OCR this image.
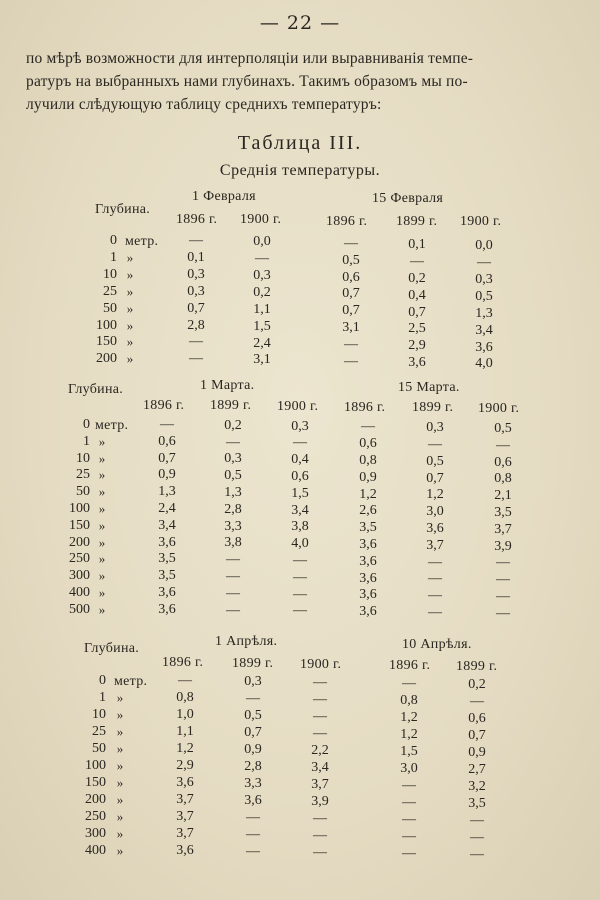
— 22 —
по мѣрѣ возможности для интерполяціи или выравниванія темпе-
ратуръ на выбранныхъ нами глубинахъ. Такимъ образомъ мы по-
лучили слѣдующую таблицу среднихъ температуръ:
Таблица III.
Среднія температуры.
Глубина.
1 Февраля	15 Февраля
1896 г. 1900 г.	1896 г. 1899 г. 1900 г.
метр.
0	—	0,0	—	0,1	0,0
1 »	0,1	—	0,5	—	—
10 »	0,3	0,3	0,6	0,2	0,3
25 »	0,3	0,2	0,7	0,4	0,5
50 »	0,7	1,1	0,7	0,7	1,3
100 »	2,8	1,5	3,1	2,5	3,4
150 »	—	2,4	—	2,9	3,6
200 »	—	3,1	—	3,6	4,0
Глубина.	1 Марта.	15 Марта.
1896 г. 1899 г. 1900 г. 1896 г. 1899 г. 1900 г.
метр.
0	—	0,2	0,3	—	0,3	0,5
1 »	0,6	—	—	0,6	—	—
10 »	0,7	0,3	0,4	0,8	0,5	0,6
25 »	0,9	0,5	0,6	0,9	0,7	0,8
50 »	1,3	1,3	1,5	1,2	1,2	2,1
100 »	2,4	2,8	3,4	2,6	3,0	3,5
150 »	3,4	3,3	3,8	3,5	3,6	3,7
200 »	3,6	3,8	4,0	3,6	3,7	3,9
250 »	3,5	—	—	3,6	—	—
300 »	3,5	—	—	3,6	—	—
400 »	3,6	—	—	3,6	—	—
500 »	3,6	—	—	3,6	—	—
Глубина.	1 Апрѣля.	10 Апрѣля.
1896 г. 1899 г. 1900 г.	1896 г. 1899 г.
метр.
0	—	0,3	—	—	0,2
1 »	0,8	—	—	0,8	—
10 »	1,0	0,5	—	1,2	0,6
25 »	1,1	0,7	—	1,2	0,7
50 »	1,2	0,9	2,2	1,5	0,9
100 »	2,9	2,8	3,4	3,0	2,7
150 »	3,6	3,3	3,7	—	3,2
200 »	3,7	3,6	3,9	—	3,5
250 »	3,7	—	—	—	—
300 »	3,7	—	—	—	—
400 »	3,6	—	—	—	—
